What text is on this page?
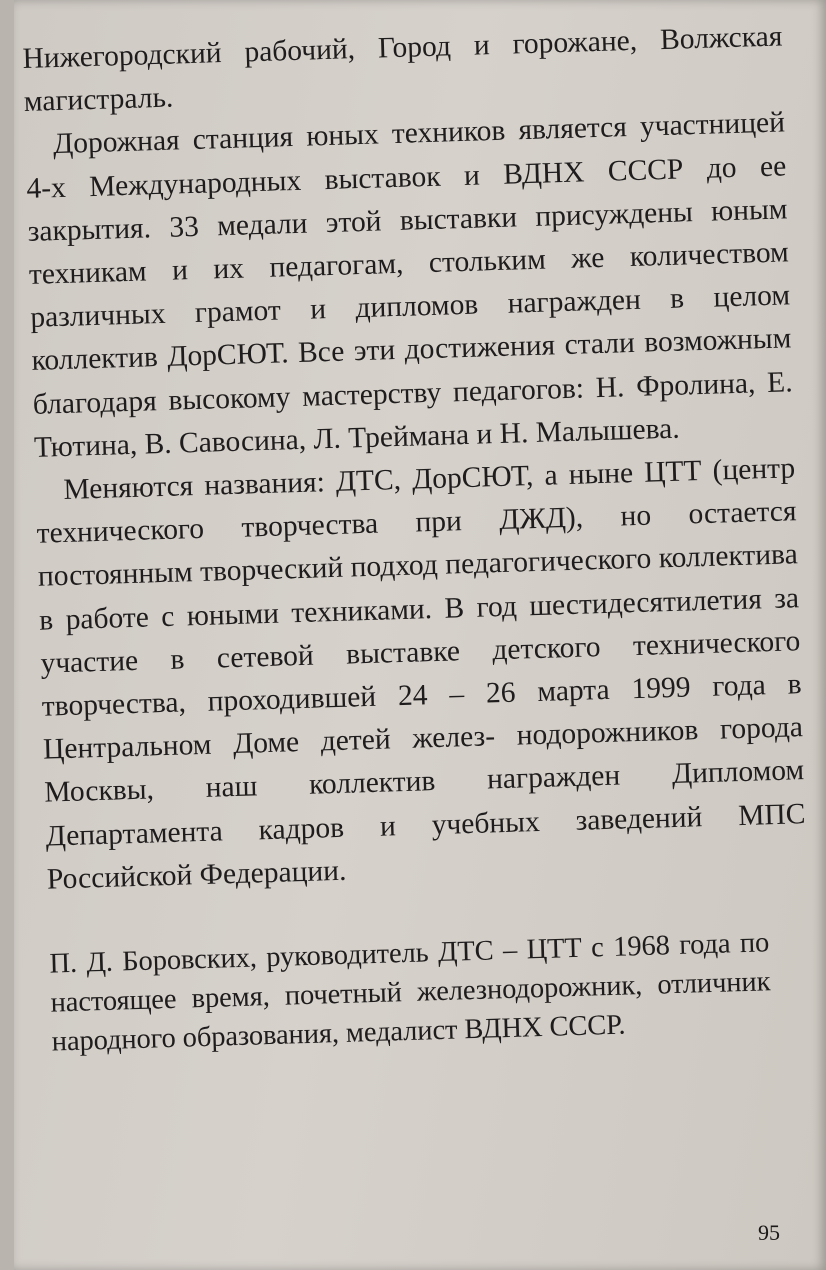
Нижегородский рабочий, Город и горожане, Волжская магистраль.

Дорожная станция юных техников является участницей 4-х Международных выставок и ВДНХ СССР до ее закрытия. 33 медали этой выставки присуждены юным техникам и их педагогам, стольким же количеством различных грамот и дипломов награжден в целом коллектив ДорСЮТ. Все эти достижения стали возможным благодаря высокому мастерству педагогов: Н. Фролина, Е. Тютина, В. Савосина, Л. Треймана и Н. Малышева.

Меняются названия: ДТС, ДорСЮТ, а ныне ЦТТ (центр технического творчества при ДЖД), но остается постоянным творческий подход педагогического коллектива в работе с юными техниками. В год шестидесятилетия за участие в сетевой выставке детского технического творчества, проходившей 24 – 26 марта 1999 года в Центральном Доме детей желез- нодорожников города Москвы, наш коллектив награжден Дипломом Департамента кадров и учебных заведений МПС Российской Федерации.

П. Д. Боровских, руководитель ДТС – ЦТТ с 1968 года по настоящее время, почетный железнодорожник, отличник народного образования, медалист ВДНХ СССР.

95
